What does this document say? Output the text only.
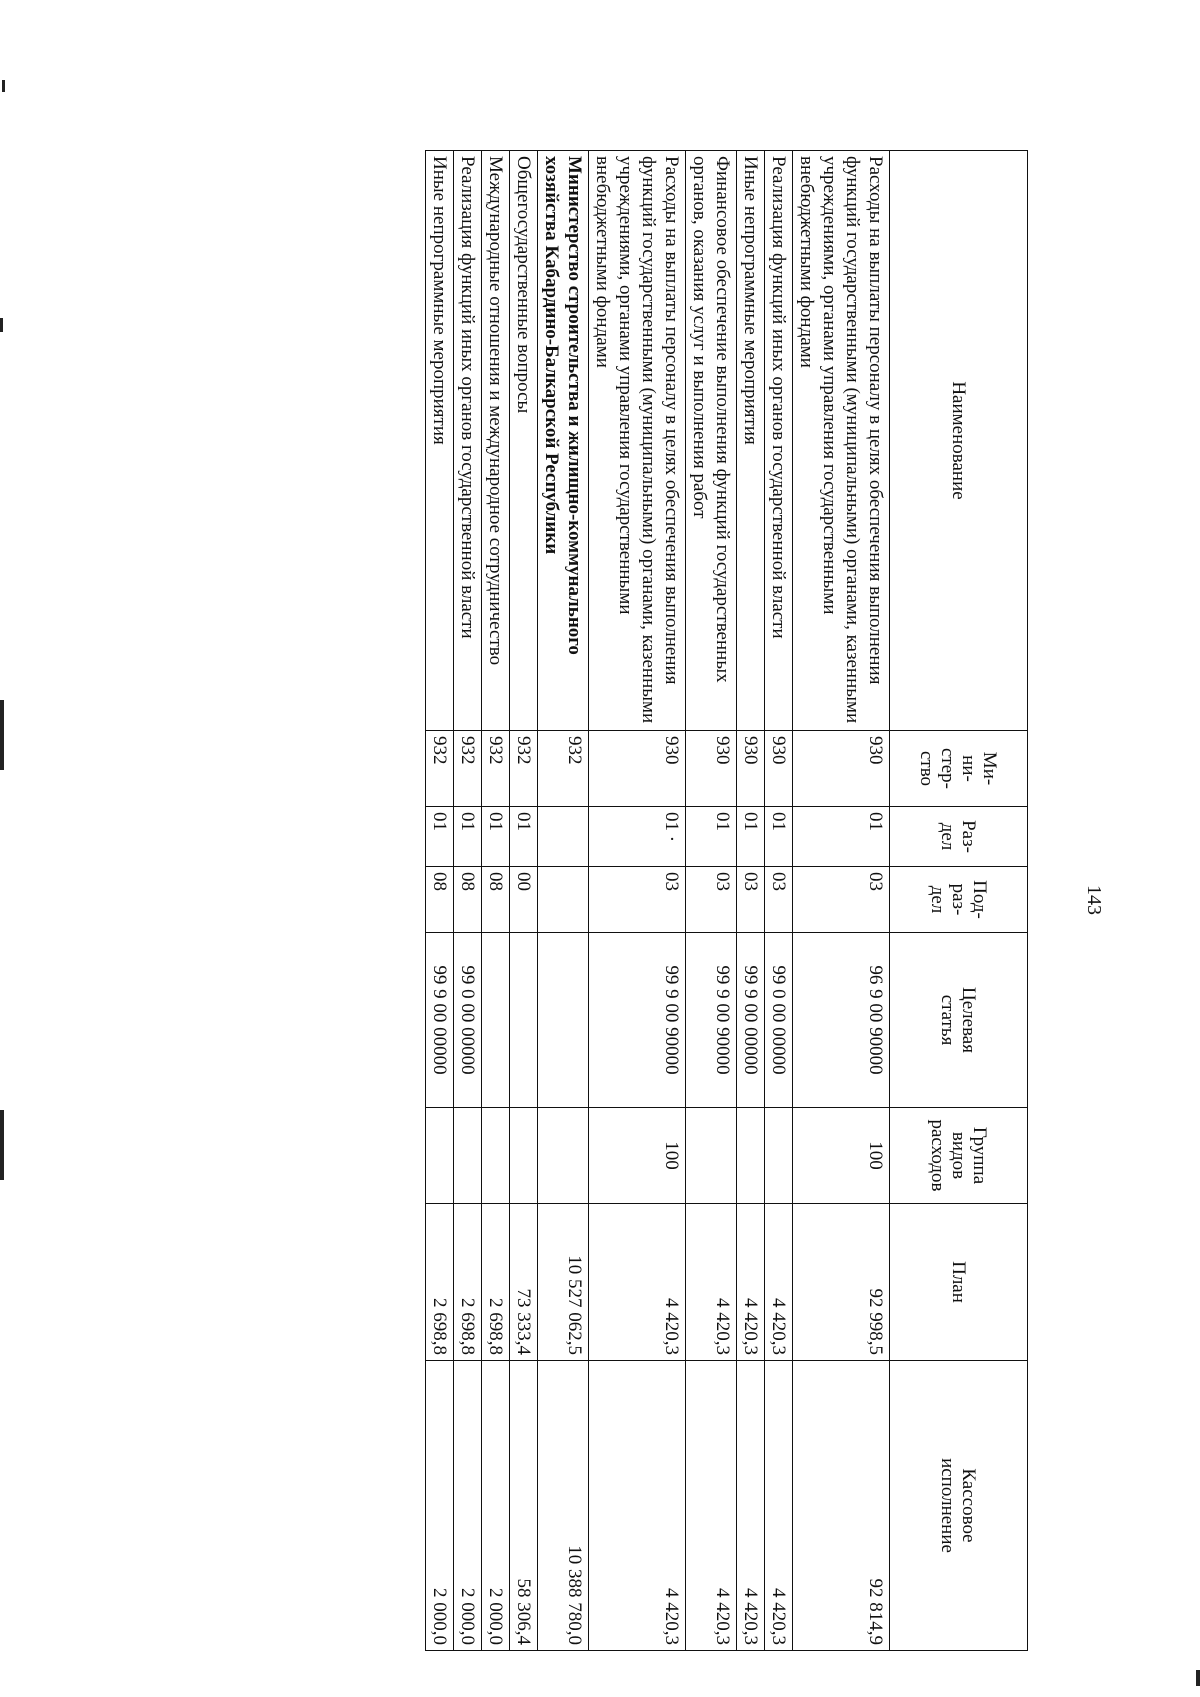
143
Наименование	Ми-
ни-
стер-
ство	Раз-
дел	Под-
раз-
дел	Целевая
статья	Группа
видов
расходов	План	Кассовое
исполнение
Расходы на выплаты персоналу в целях обеспечения выполнения функций государственными (муниципальными) органами, казенными учреждениями, органами управления государственными внебюджетными фондами	930	01	03	96 9 00 90000	100	92 998,5	92 814,9
Реализация функций иных органов государственной власти	930	01	03	99 0 00 00000		4 420,3	4 420,3
Иные непрограммные мероприятия	930	01	03	99 9 00 00000		4 420,3	4 420,3
Финансовое обеспечение выполнения функций государственных органов, оказания услуг и выполнения работ	930	01	03	99 9 00 90000		4 420,3	4 420,3
Расходы на выплаты персоналу в целях обеспечения выполнения функций государственными (муниципальными) органами, казенными учреждениями, органами управления государственными внебюджетными фондами	930	01 ·	03	99 9 00 90000	100	4 420,3	4 420,3
Министерство строительства и жилищно-коммунального хозяйства Кабардино-Балкарской Республики	932					10 527 062,5	10 388 780,0
Общегосударственные вопросы	932	01	00			73 333,4	58 306,4
Международные отношения и международное сотрудничество	932	01	08			2 698,8	2 000,0
Реализация функций иных органов государственной власти	932	01	08	99 0 00 00000		2 698,8	2 000,0
Иные непрограммные мероприятия	932	01	08	99 9 00 00000		2 698,8	2 000,0
